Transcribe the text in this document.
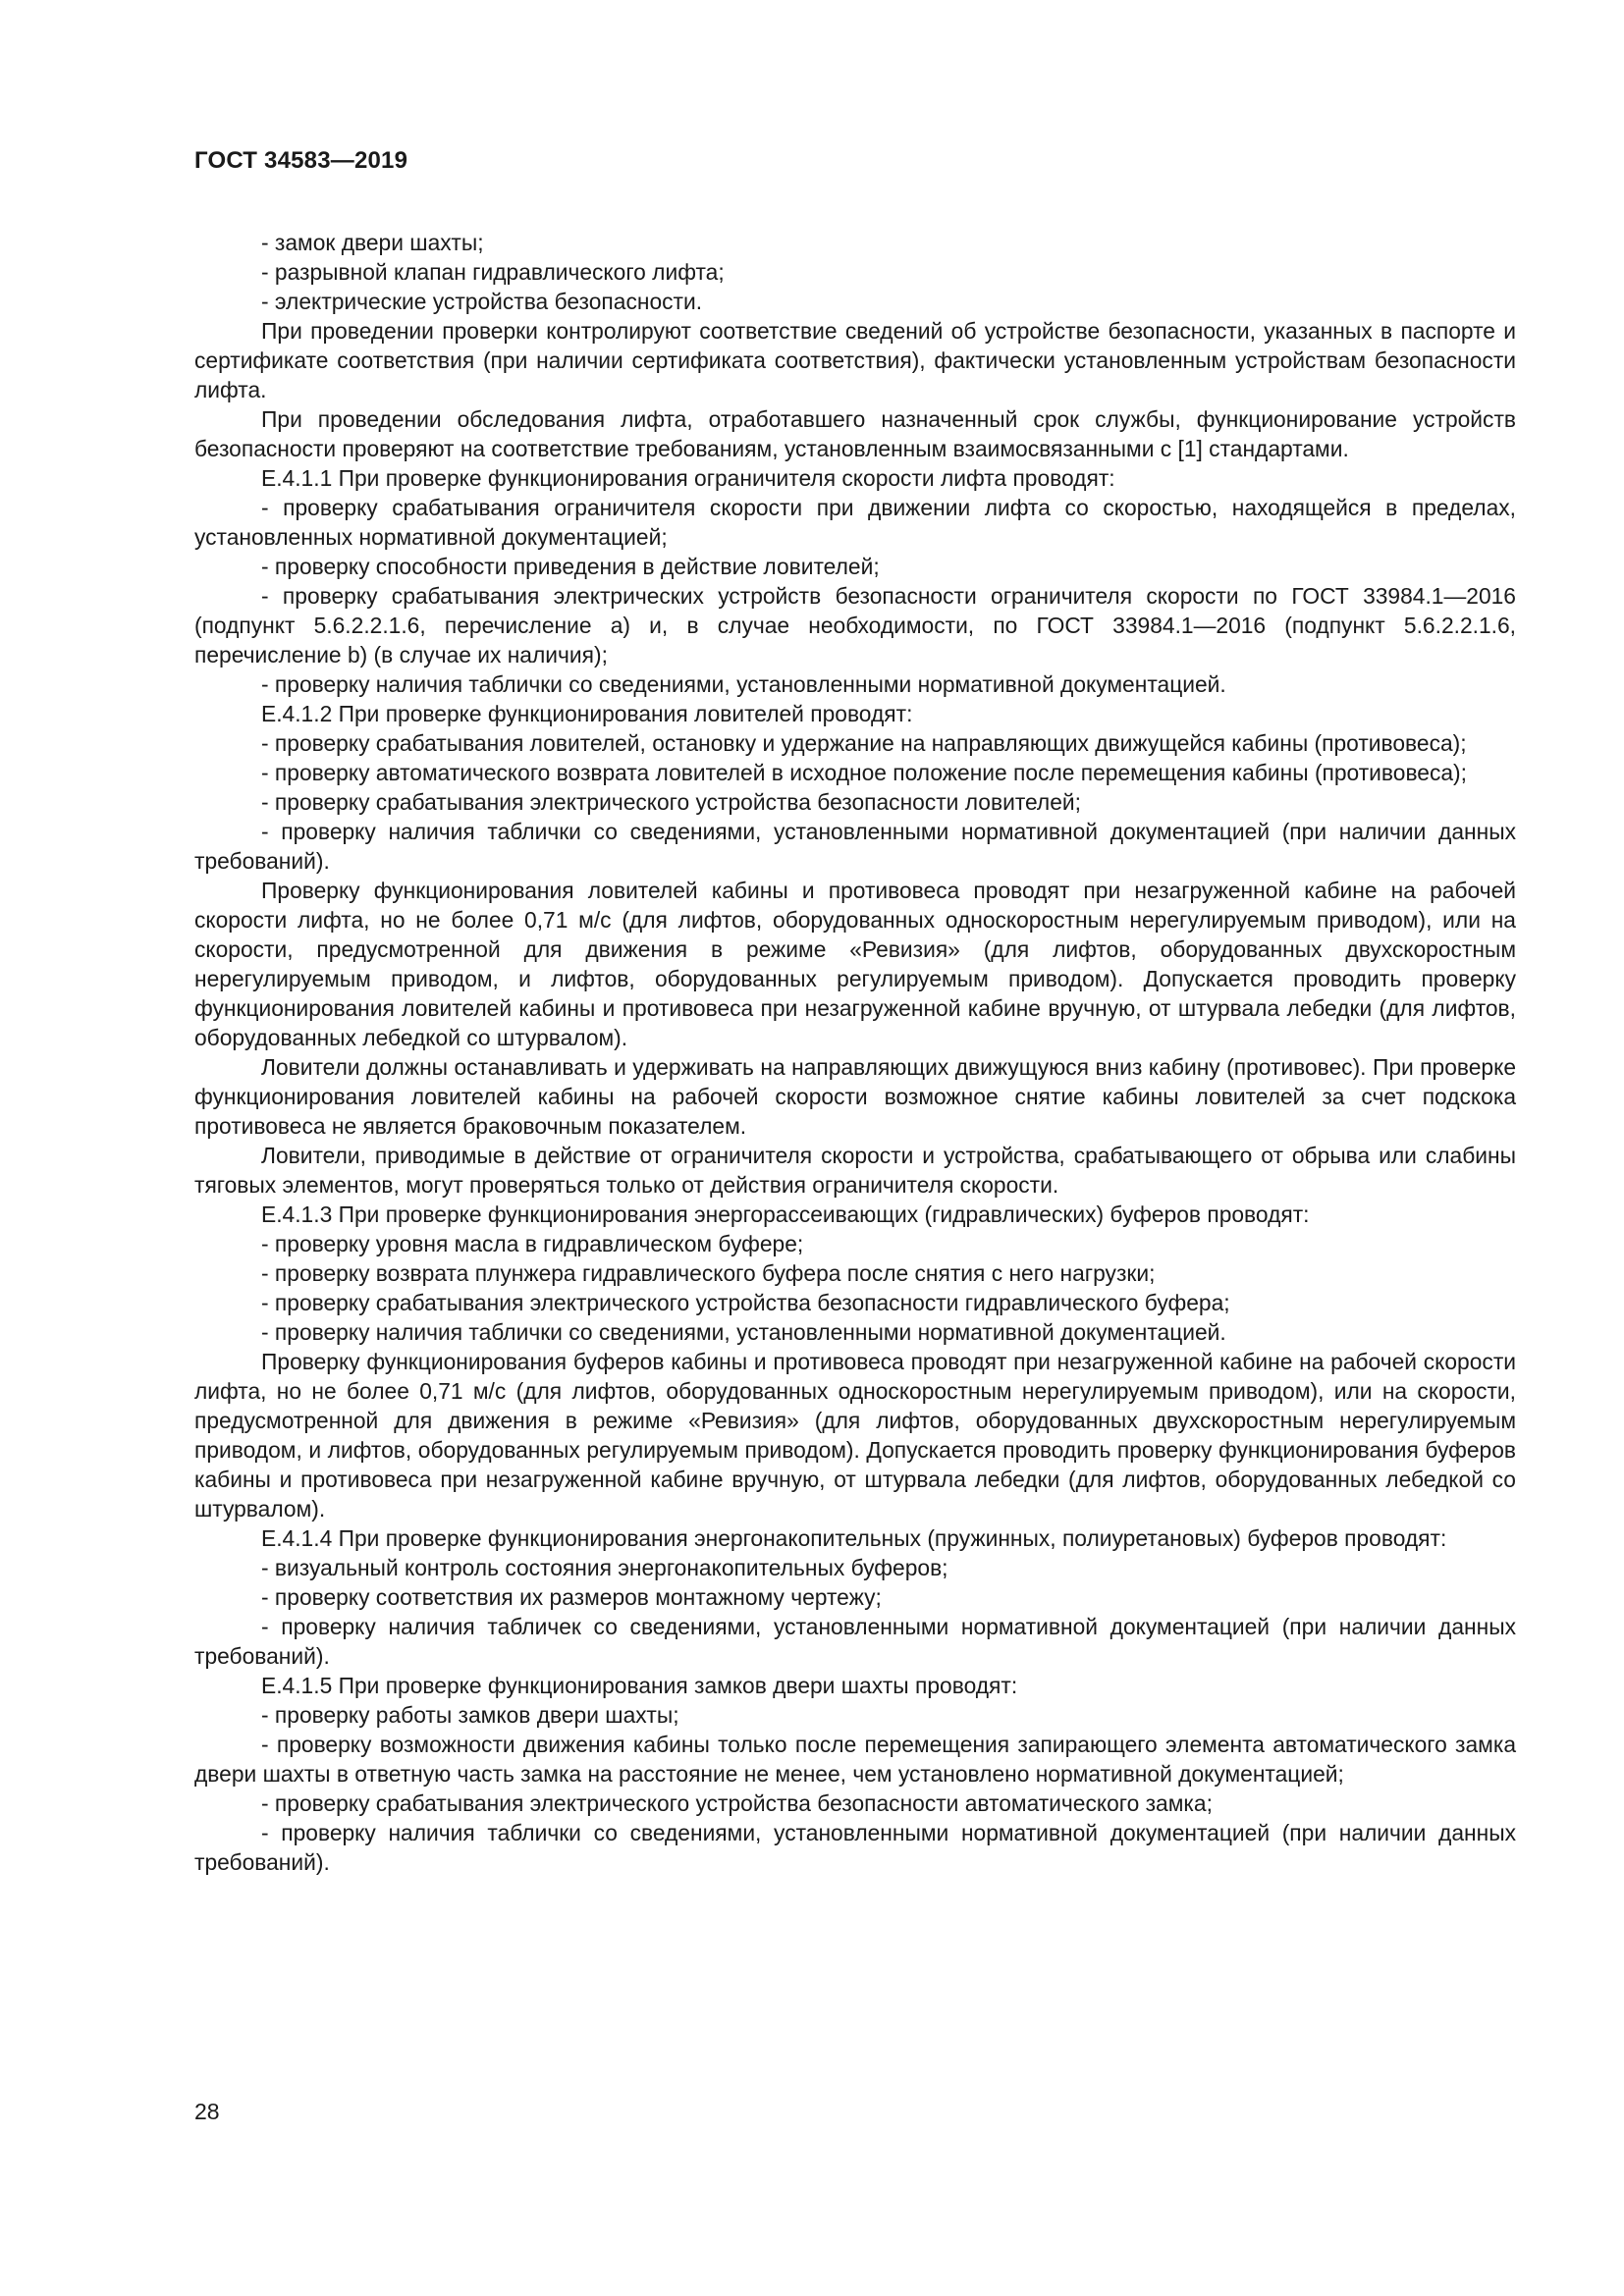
ГОСТ 34583—2019

- замок двери шахты;

- разрывной клапан гидравлического лифта;

- электрические устройства безопасности.

При проведении проверки контролируют соответствие сведений об устройстве безопасности, указанных в паспорте и сертификате соответствия (при наличии сертификата соответствия), фактически установленным устройствам безопасности лифта.

При проведении обследования лифта, отработавшего назначенный срок службы, функционирование устройств безопасности проверяют на соответствие требованиям, установленным взаимосвязанными с [1] стандартами.

Е.4.1.1 При проверке функционирования ограничителя скорости лифта проводят:

- проверку срабатывания ограничителя скорости при движении лифта со скоростью, находящейся в пределах, установленных нормативной документацией;

- проверку способности приведения в действие ловителей;

- проверку срабатывания электрических устройств безопасности ограничителя скорости по ГОСТ 33984.1—2016 (подпункт 5.6.2.2.1.6, перечисление а) и, в случае необходимости, по ГОСТ 33984.1—2016 (подпункт 5.6.2.2.1.6, перечисление b) (в случае их наличия);

- проверку наличия таблички со сведениями, установленными нормативной документацией.

Е.4.1.2 При проверке функционирования ловителей проводят:

- проверку срабатывания ловителей, остановку и удержание на направляющих движущейся кабины (противовеса);

- проверку автоматического возврата ловителей в исходное положение после перемещения кабины (противовеса);

- проверку срабатывания электрического устройства безопасности ловителей;

- проверку наличия таблички со сведениями, установленными нормативной документацией (при наличии данных требований).

Проверку функционирования ловителей кабины и противовеса проводят при незагруженной кабине на рабочей скорости лифта, но не более 0,71 м/с (для лифтов, оборудованных односкоростным нерегулируемым приводом), или на скорости, предусмотренной для движения в режиме «Ревизия» (для лифтов, оборудованных двухскоростным нерегулируемым приводом, и лифтов, оборудованных регулируемым приводом). Допускается проводить проверку функционирования ловителей кабины и противовеса при незагруженной кабине вручную, от штурвала лебедки (для лифтов, оборудованных лебедкой со штурвалом).

Ловители должны останавливать и удерживать на направляющих движущуюся вниз кабину (противовес). При проверке функционирования ловителей кабины на рабочей скорости возможное снятие кабины ловителей за счет подскока противовеса не является браковочным показателем.

Ловители, приводимые в действие от ограничителя скорости и устройства, срабатывающего от обрыва или слабины тяговых элементов, могут проверяться только от действия ограничителя скорости.

Е.4.1.3 При проверке функционирования энергорассеивающих (гидравлических) буферов проводят:

- проверку уровня масла в гидравлическом буфере;

- проверку возврата плунжера гидравлического буфера после снятия с него нагрузки;

- проверку срабатывания электрического устройства безопасности гидравлического буфера;

- проверку наличия таблички со сведениями, установленными нормативной документацией.

Проверку функционирования буферов кабины и противовеса проводят при незагруженной кабине на рабочей скорости лифта, но не более 0,71 м/с (для лифтов, оборудованных односкоростным нерегулируемым приводом), или на скорости, предусмотренной для движения в режиме «Ревизия» (для лифтов, оборудованных двухскоростным нерегулируемым приводом, и лифтов, оборудованных регулируемым приводом). Допускается проводить проверку функционирования буферов кабины и противовеса при незагруженной кабине вручную, от штурвала лебедки (для лифтов, оборудованных лебедкой со штурвалом).

Е.4.1.4 При проверке функционирования энергонакопительных (пружинных, полиуретановых) буферов проводят:

- визуальный контроль состояния энергонакопительных буферов;

- проверку соответствия их размеров монтажному чертежу;

- проверку наличия табличек со сведениями, установленными нормативной документацией (при наличии данных требований).

Е.4.1.5 При проверке функционирования замков двери шахты проводят:

- проверку работы замков двери шахты;

- проверку возможности движения кабины только после перемещения запирающего элемента автоматического замка двери шахты в ответную часть замка на расстояние не менее, чем установлено нормативной документацией;

- проверку срабатывания электрического устройства безопасности автоматического замка;

- проверку наличия таблички со сведениями, установленными нормативной документацией (при наличии данных требований).

28
